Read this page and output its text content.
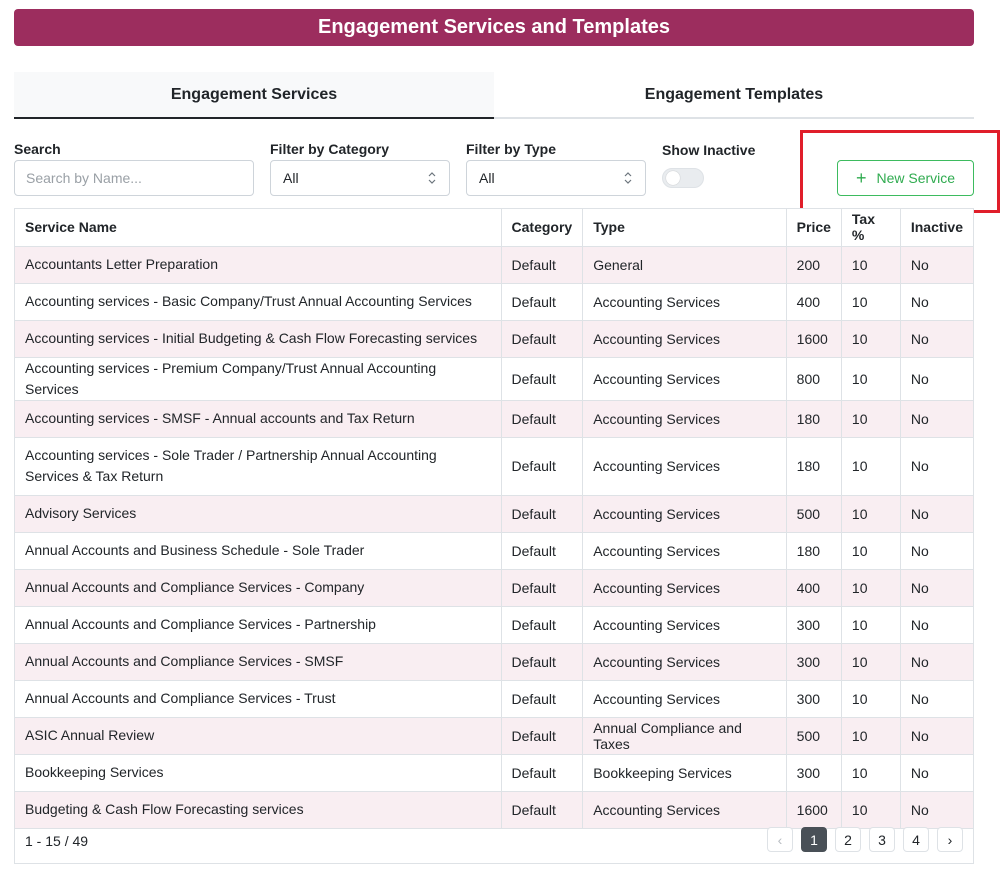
Engagement Services and Templates
Engagement Services	Engagement Templates
Search
Search by Name...	Filter by Category
All
Filter by Type
All
Show Inactive
+ New Service
Service Name	Category	Type	Price	Tax %	Inactive
Accountants Letter Preparation	Default	General	200	10	No
Accounting services - Basic Company/Trust Annual Accounting Services	Default	Accounting Services	400	10	No
Accounting services - Initial Budgeting & Cash Flow Forecasting services	Default	Accounting Services	1600	10	No
Accounting services - Premium Company/Trust Annual Accounting Services	Default	Accounting Services	800	10	No
Accounting services - SMSF - Annual accounts and Tax Return	Default	Accounting Services	180	10	No
Accounting services - Sole Trader / Partnership Annual Accounting Services & Tax Return	Default	Accounting Services	180	10	No
Advisory Services	Default	Accounting Services	500	10	No
Annual Accounts and Business Schedule - Sole Trader	Default	Accounting Services	180	10	No
Annual Accounts and Compliance Services - Company	Default	Accounting Services	400	10	No
Annual Accounts and Compliance Services - Partnership	Default	Accounting Services	300	10	No
Annual Accounts and Compliance Services - SMSF	Default	Accounting Services	300	10	No
Annual Accounts and Compliance Services - Trust	Default	Accounting Services	300	10	No
ASIC Annual Review	Default	Annual Compliance and Taxes	500	10	No
Bookkeeping Services	Default	Bookkeeping Services	300	10	No
Budgeting & Cash Flow Forecasting services	Default	Accounting Services	1600	10	No
1 - 15 / 49	‹	1	2	3	4	›
